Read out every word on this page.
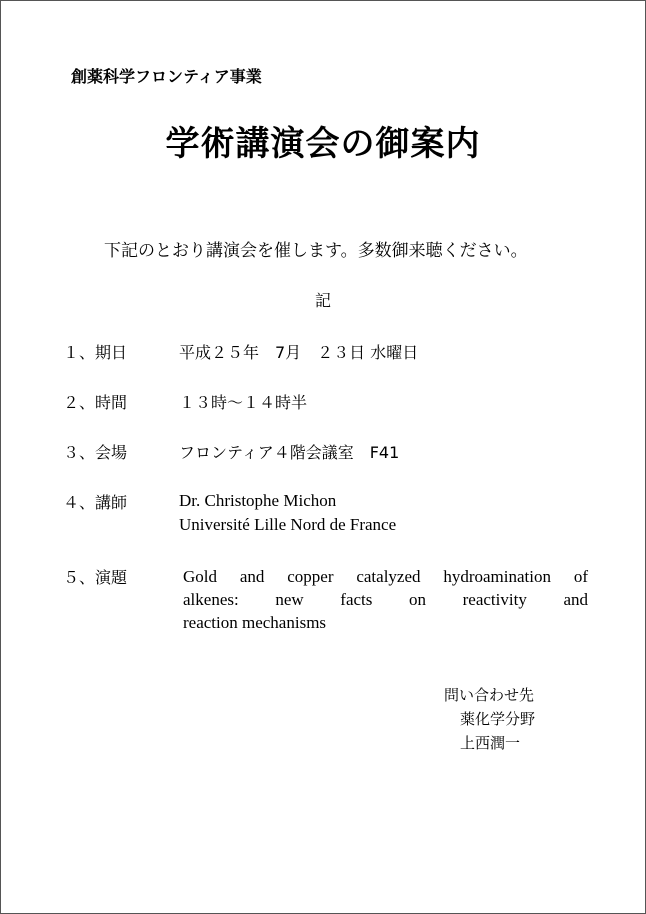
創薬科学フロンティア事業
学術講演会の御案内
下記のとおり講演会を催します。多数御来聴ください。
記
１、期日	平成２５年　7月　２３日 水曜日
２、時間	１３時～１４時半
３、会場	フロンティア４階会議室　F41
４、講師	Dr. Christophe Michon
Université Lille Nord de France
５、演題	Gold and copper catalyzed hydroamination of
alkenes: new facts on reactivity and
reaction mechanisms
問い合わせ先
薬化学分野
上西潤一
